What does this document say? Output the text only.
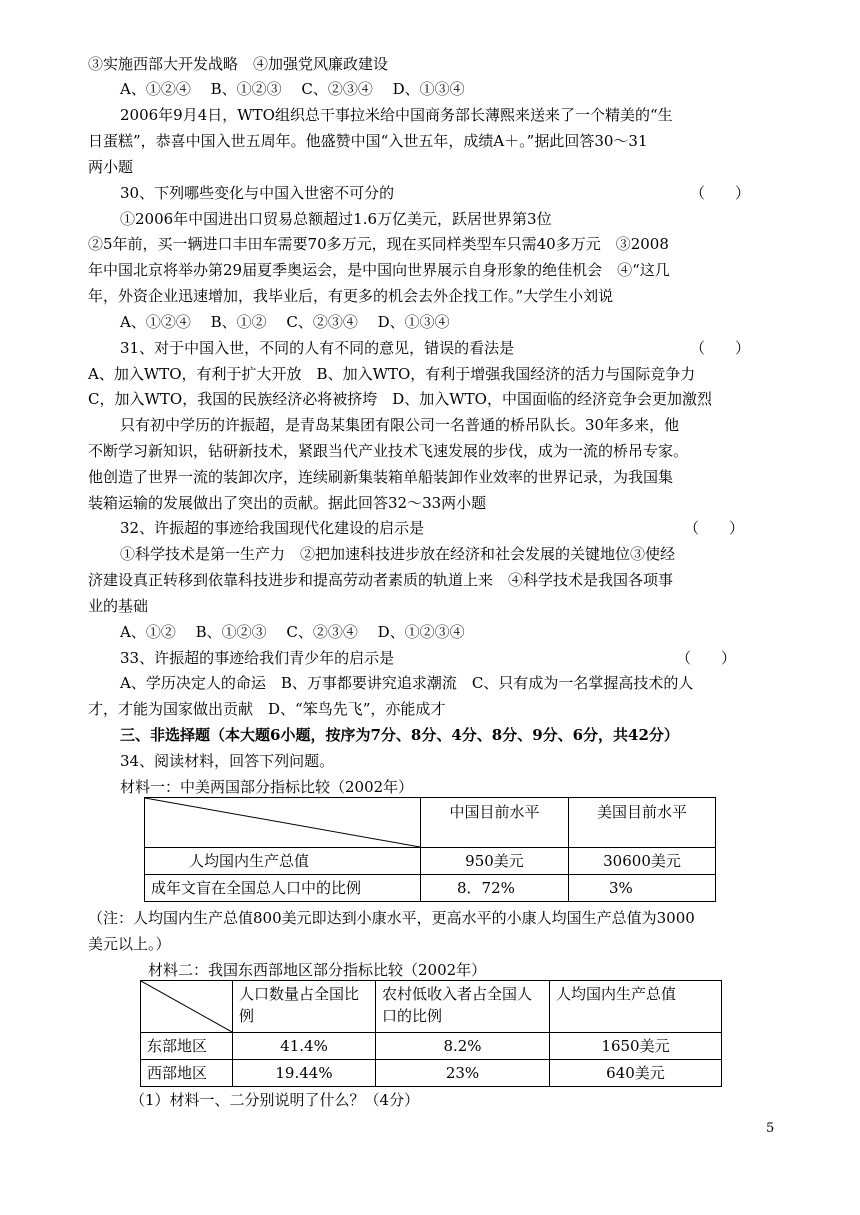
③实施西部大开发战略　④加强党风廉政建设
A、①②④　 B、①②③　 C、②③④　 D、①③④
2006年9月4日，WTO组织总干事拉米给中国商务部长薄熙来送来了一个精美的“生
日蛋糕”，恭喜中国入世五周年。他盛赞中国“入世五年，成绩A＋。”据此回答30～31
两小题
30、下列哪些变化与中国入世密不可分的	（　　）
①2006年中国进出口贸易总额超过1.6万亿美元，跃居世界第3位
②5年前，买一辆进口丰田车需要70多万元，现在买同样类型车只需40多万元　③2008
年中国北京将举办第29届夏季奥运会，是中国向世界展示自身形象的绝佳机会　④“这几
年，外资企业迅速增加，我毕业后，有更多的机会去外企找工作。”大学生小刘说
A、①②④　 B、①②　 C、②③④　 D、①③④
31、对于中国入世，不同的人有不同的意见，错误的看法是	（　　）
A、加入WTO，有利于扩大开放　B、加入WTO，有利于增强我国经济的活力与国际竞争力
C，加入WTO，我国的民族经济必将被挤垮　D、加入WTO，中国面临的经济竞争会更加激烈
只有初中学历的许振超，是青岛某集团有限公司一名普通的桥吊队长。30年多来，他
不断学习新知识，钻研新技术，紧跟当代产业技术飞速发展的步伐，成为一流的桥吊专家。
他创造了世界一流的装卸次序，连续刷新集装箱单船装卸作业效率的世界记录，为我国集
装箱运输的发展做出了突出的贡献。据此回答32～33两小题
32、许振超的事迹给我国现代化建设的启示是	（　　）
①科学技术是第一生产力　②把加速科技进步放在经济和社会发展的关键地位③使经
济建设真正转移到依靠科技进步和提高劳动者素质的轨道上来　④科学技术是我国各项事
业的基础
A、①②　 B、①②③　 C、②③④　 D、①②③④
33、许振超的事迹给我们青少年的启示是	（　　）
A、学历决定人的命运　B、万事都要讲究追求潮流　C、只有成为一名掌握高技术的人
才，才能为国家做出贡献　D、“笨鸟先飞”，亦能成才
三、非选择题（本大题6小题，按序为7分、8分、4分、8分、9分、6分，共42分）
34、阅读材料，回答下列问题。
材料一：中美两国部分指标比较（2002年）
	中国目前水平	美国目前水平
人均国内生产总值	950美元	30600美元
成年文盲在全国总人口中的比例	8．72%	3%
（注：人均国内生产总值800美元即达到小康水平，更高水平的小康人均国生产总值为3000
美元以上。）
材料二：我国东西部地区部分指标比较（2002年）
	人口数量占全国比例	农村低收入者占全国人口的比例	人均国内生产总值
东部地区	41.4%	8.2%	1650美元
西部地区	19.44%	23%	640美元
（1）材料一、二分别说明了什么？（4分）
5
